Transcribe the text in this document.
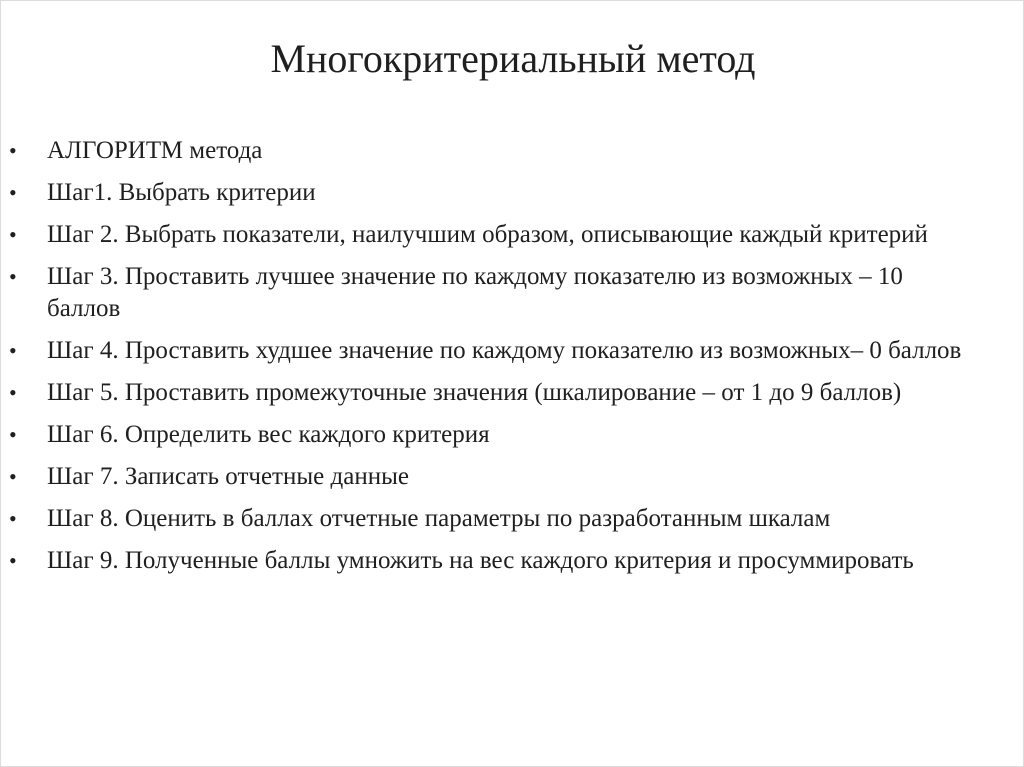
Многокритериальный метод
•	АЛГОРИТМ метода
•	Шаг1. Выбрать критерии
•	Шаг 2. Выбрать показатели, наилучшим образом, описывающие каждый критерий
•	Шаг 3. Проставить лучшее значение по каждому показателю из возможных – 10 баллов
•	Шаг 4. Проставить худшее значение по каждому показателю из возможных– 0 баллов
•	Шаг 5. Проставить промежуточные значения (шкалирование – от 1 до 9 баллов)
•	Шаг 6. Определить вес каждого критерия
•	Шаг 7. Записать отчетные данные
•	Шаг 8. Оценить в баллах отчетные параметры по разработанным шкалам
•	Шаг 9. Полученные баллы умножить на вес каждого критерия и просуммировать
